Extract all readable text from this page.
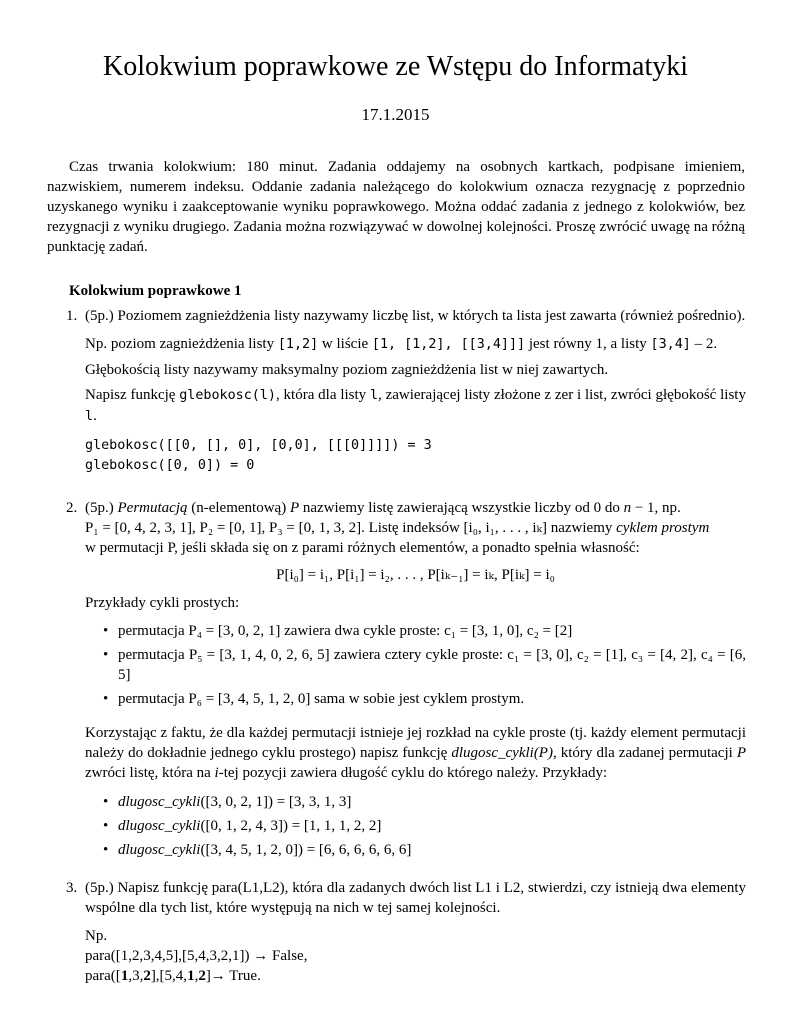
Kolokwium poprawkowe ze Wstępu do Informatyki
17.1.2015

Czas trwania kolokwium: 180 minut. Zadania oddajemy na osobnych kartkach, podpisane imieniem, nazwiskiem, numerem indeksu. Oddanie zadania należącego do kolokwium oznacza rezygnację z poprzednio uzyskanego wyniku i zaakceptowanie wyniku poprawkowego. Można oddać zadania z jednego z kolokwiów, bez rezygnacji z wyniku drugiego. Zadania można rozwiązywać w dowolnej kolejności. Proszę zwrócić uwagę na różną punktację zadań.

Kolokwium poprawkowe 1

1. (5p.) Poziomem zagnieżdżenia listy nazywamy liczbę list, w których ta lista jest zawarta (również pośrednio).

Np. poziom zagnieżdżenia listy [1,2] w liście [1, [1,2], [[3,4]]] jest równy 1, a listy [3,4] – 2.

Głębokością listy nazywamy maksymalny poziom zagnieżdżenia list w niej zawartych.

Napisz funkcję glebokosc(l), która dla listy l, zawierającej listy złożone z zer i list, zwróci głębokość listy l.

glebokosc([[0, [], 0], [0,0], [[[0]]]]) = 3
glebokosc([0, 0]) = 0
2. (5p.) Permutacją (n-elementową) P nazwiemy listę zawierającą wszystkie liczby od 0 do n − 1, np.
P₁ = [0, 4, 2, 3, 1], P₂ = [0, 1], P₃ = [0, 1, 3, 2]. Listę indeksów [i₀, i₁, . . . , iₖ] nazwiemy cyklem prostym
w permutacji P, jeśli składa się on z parami różnych elementów, a ponadto spełnia własność:

P[i₀] = i₁, P[i₁] = i₂, . . . , P[iₖ₋₁] = iₖ, P[iₖ] = i₀

Przykłady cykli prostych:

• permutacja P₄ = [3, 0, 2, 1] zawiera dwa cykle proste: c₁ = [3, 1, 0], c₂ = [2]
• permutacja P₅ = [3, 1, 4, 0, 2, 6, 5] zawiera cztery cykle proste: c₁ = [3, 0], c₂ = [1], c₃ = [4, 2], c₄ = [6, 5]
• permutacja P₆ = [3, 4, 5, 1, 2, 0] sama w sobie jest cyklem prostym.

Korzystając z faktu, że dla każdej permutacji istnieje jej rozkład na cykle proste (tj. każdy element permutacji należy do dokładnie jednego cyklu prostego) napisz funkcję dlugosc_cykli(P), który dla zadanej permutacji P zwróci listę, która na i-tej pozycji zawiera długość cyklu do którego należy. Przykłady:

• dlugosc_cykli([3, 0, 2, 1]) = [3, 3, 1, 3]
• dlugosc_cykli([0, 1, 2, 4, 3]) = [1, 1, 1, 2, 2]
• dlugosc_cykli([3, 4, 5, 1, 2, 0]) = [6, 6, 6, 6, 6, 6]
3. (5p.) Napisz funkcję para(L1,L2), która dla zadanych dwóch list L1 i L2, stwierdzi, czy istnieją dwa elementy wspólne dla tych list, które występują na nich w tej samej kolejności.

Np.

para([1,2,3,4,5],[5,4,3,2,1]) → False,

para([1,3,2],[5,4,1,2]→ True.
